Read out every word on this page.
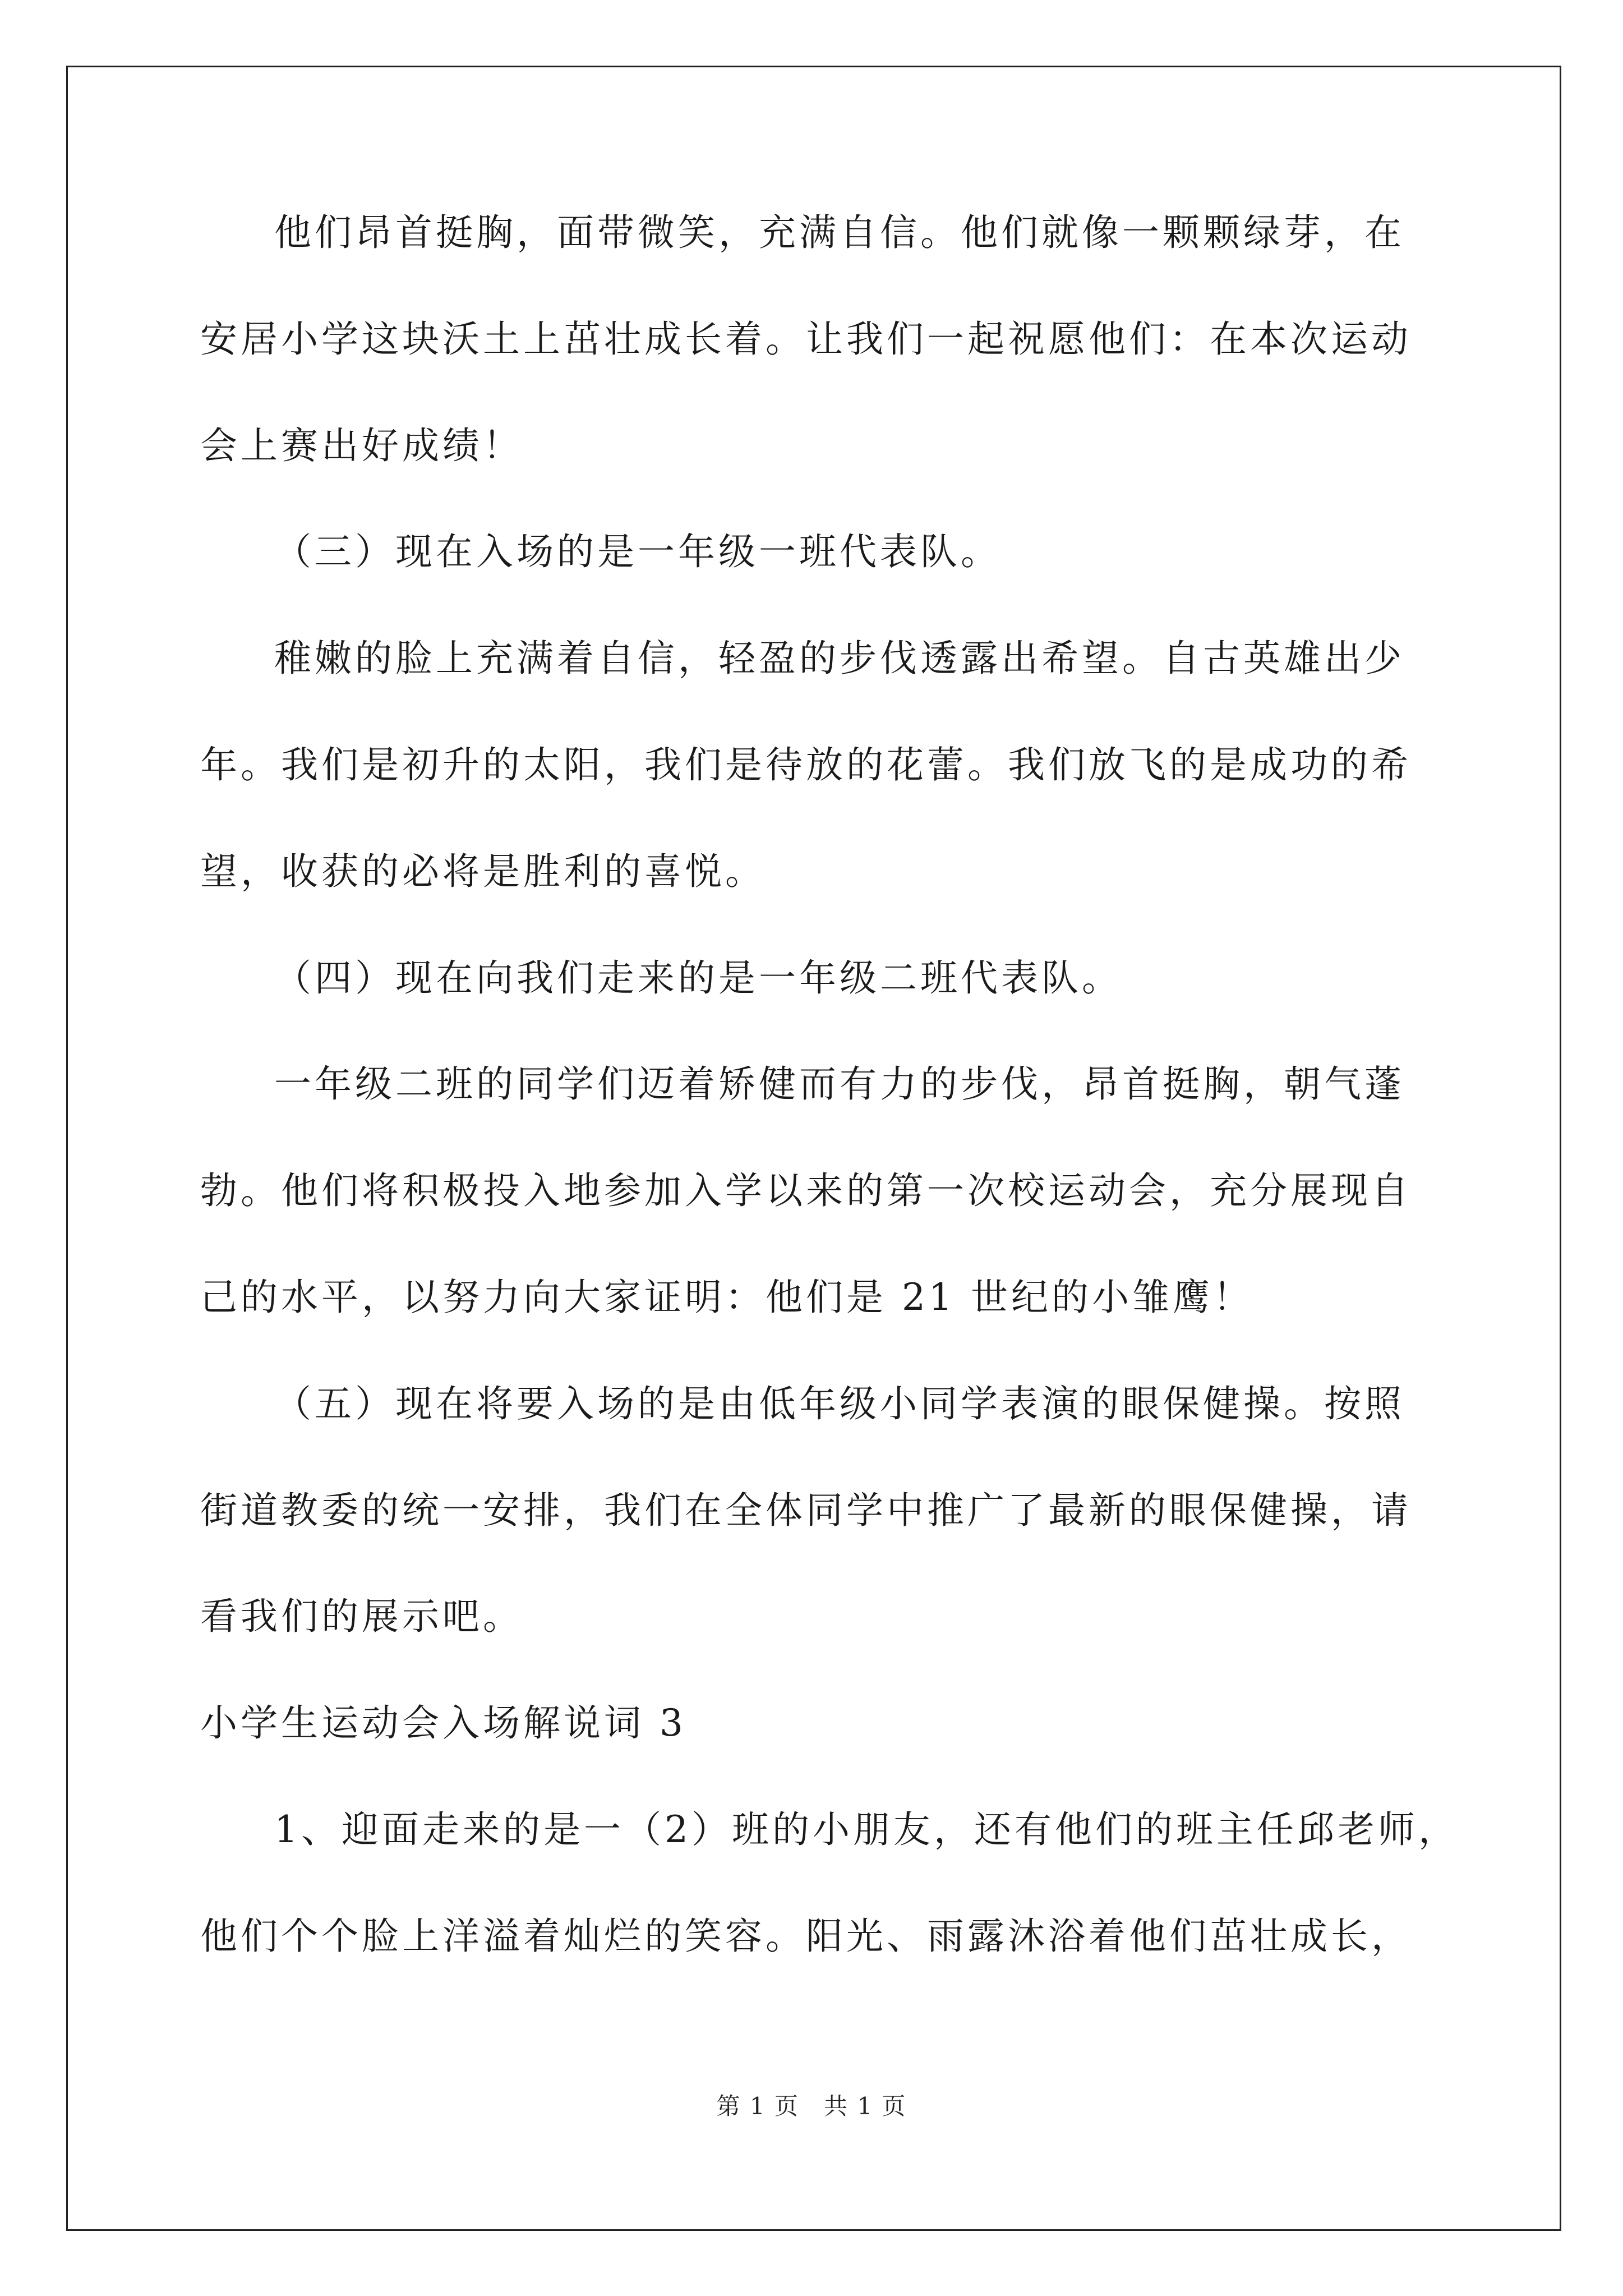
他们昂首挺胸，面带微笑，充满自信。他们就像一颗颗绿芽，在
安居小学这块沃土上茁壮成长着。让我们一起祝愿他们：在本次运动
会上赛出好成绩！
（三）现在入场的是一年级一班代表队。
稚嫩的脸上充满着自信，轻盈的步伐透露出希望。自古英雄出少
年。我们是初升的太阳，我们是待放的花蕾。我们放飞的是成功的希
望，收获的必将是胜利的喜悦。
（四）现在向我们走来的是一年级二班代表队。
一年级二班的同学们迈着矫健而有力的步伐，昂首挺胸，朝气蓬
勃。他们将积极投入地参加入学以来的第一次校运动会，充分展现自
己的水平，以努力向大家证明：他们是 21 世纪的小雏鹰！
（五）现在将要入场的是由低年级小同学表演的眼保健操。按照
街道教委的统一安排，我们在全体同学中推广了最新的眼保健操，请
看我们的展示吧。
小学生运动会入场解说词 3
1、迎面走来的是一（2）班的小朋友，还有他们的班主任邱老师，
他们个个脸上洋溢着灿烂的笑容。阳光、雨露沐浴着他们茁壮成长，
第 1 页　共 1 页
